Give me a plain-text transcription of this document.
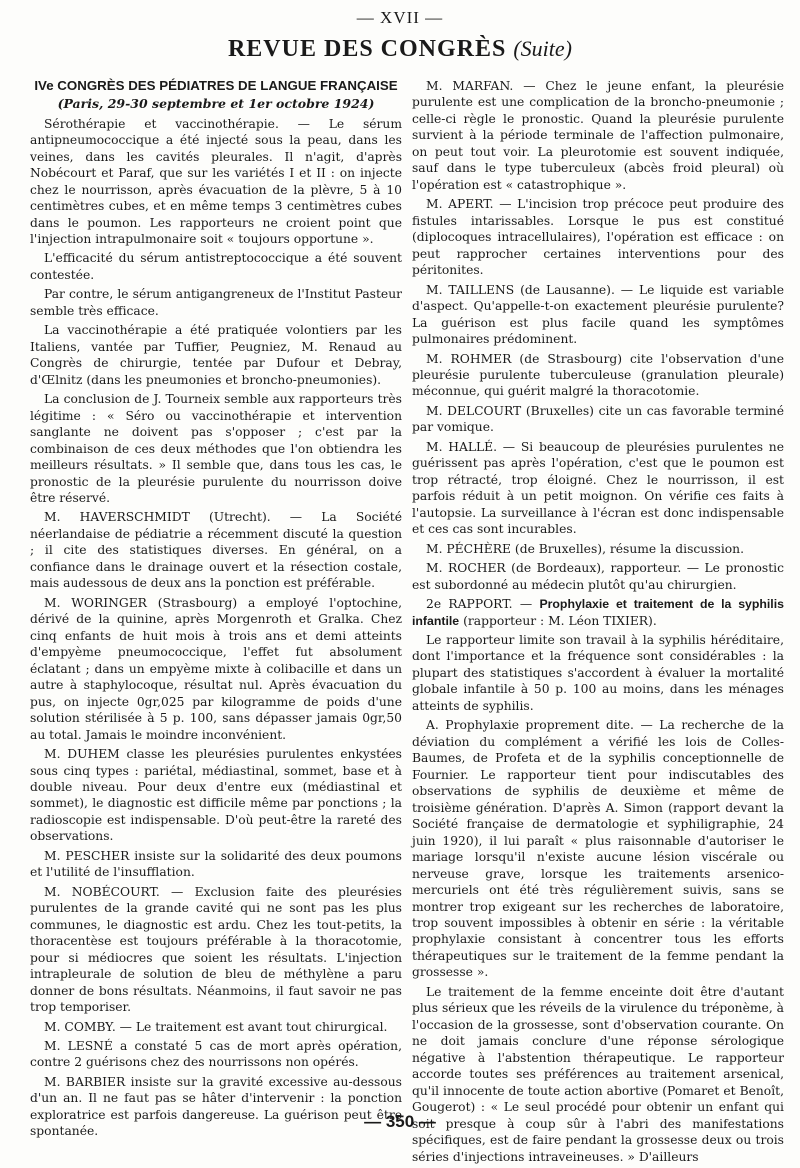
— XVII —
REVUE DES CONGRÈS (Suite)
IVe CONGRÈS DES PÉDIATRES DE LANGUE FRANÇAISE
(Paris, 29-30 septembre et 1er octobre 1924)

Sérothérapie et vaccinothérapie. — Le sérum antipneumococcique a été injecté sous la peau, dans les veines, dans les cavités pleurales. Il n'agit, d'après Nobécourt et Paraf, que sur les variétés I et II : on injecte chez le nourrisson, après évacuation de la plèvre, 5 à 10 centimètres cubes, et en même temps 3 centimètres cubes dans le poumon. Les rapporteurs ne croient point que l'injection intrapulmonaire soit « toujours opportune ».

L'efficacité du sérum antistreptococcique a été souvent contestée.

Par contre, le sérum antigangreneux de l'Institut Pasteur semble très efficace.

La vaccinothérapie a été pratiquée volontiers par les Italiens, vantée par Tuffier, Peugniez, M. Renaud au Congrès de chirurgie, tentée par Dufour et Debray, d'Œlnitz (dans les pneumonies et broncho-pneumonies).

La conclusion de J. Tourneix semble aux rapporteurs très légitime : « Séro ou vaccinothérapie et intervention sanglante ne doivent pas s'opposer ; c'est par la combinaison de ces deux méthodes que l'on obtiendra les meilleurs résultats. » Il semble que, dans tous les cas, le pronostic de la pleurésie purulente du nourrisson doive être réservé.

M. HAVERSCHMIDT (Utrecht). — La Société néerlandaise de pédiatrie a récemment discuté la question ; il cite des statistiques diverses. En général, on a confiance dans le drainage ouvert et la résection costale, mais audessous de deux ans la ponction est préférable.

M. WORINGER (Strasbourg) a employé l'optochine, dérivé de la quinine, après Morgenroth et Gralka. Chez cinq enfants de huit mois à trois ans et demi atteints d'empyème pneumococcique, l'effet fut absolument éclatant ; dans un empyème mixte à colibacille et dans un autre à staphylocoque, résultat nul. Après évacuation du pus, on injecte 0gr,025 par kilogramme de poids d'une solution stérilisée à 5 p. 100, sans dépasser jamais 0gr,50 au total. Jamais le moindre inconvénient.

M. DUHEM classe les pleurésies purulentes enkystées sous cinq types : pariétal, médiastinal, sommet, base et à double niveau. Pour deux d'entre eux (médiastinal et sommet), le diagnostic est difficile même par ponctions ; la radioscopie est indispensable. D'où peut-être la rareté des observations.

M. PESCHER insiste sur la solidarité des deux poumons et l'utilité de l'insufflation.

M. NOBÉCOURT. — Exclusion faite des pleurésies purulentes de la grande cavité qui ne sont pas les plus communes, le diagnostic est ardu. Chez les tout-petits, la thoracentèse est toujours préférable à la thoracotomie, pour si médiocres que soient les résultats. L'injection intrapleurale de solution de bleu de méthylène a paru donner de bons résultats. Néanmoins, il faut savoir ne pas trop temporiser.

M. COMBY. — Le traitement est avant tout chirurgical.

M. LESNÉ a constaté 5 cas de mort après opération, contre 2 guérisons chez des nourrissons non opérés.

M. BARBIER insiste sur la gravité excessive au-dessous d'un an. Il ne faut pas se hâter d'intervenir : la ponction exploratrice est parfois dangereuse. La guérison peut être spontanée.

M. MARFAN. — Chez le jeune enfant, la pleurésie purulente est une complication de la broncho-pneumonie ; celle-ci règle le pronostic. Quand la pleurésie purulente survient à la période terminale de l'affection pulmonaire, on peut tout voir. La pleurotomie est souvent indiquée, sauf dans le type tuberculeux (abcès froid pleural) où l'opération est « catastrophique ».

M. APERT. — L'incision trop précoce peut produire des fistules intarissables. Lorsque le pus est constitué (diplocoques intracellulaires), l'opération est efficace : on peut rapprocher certaines interventions pour des péritonites.

M. TAILLENS (de Lausanne). — Le liquide est variable d'aspect. Qu'appelle-t-on exactement pleurésie purulente? La guérison est plus facile quand les symptômes pulmonaires prédominent.

M. ROHMER (de Strasbourg) cite l'observation d'une pleurésie purulente tuberculeuse (granulation pleurale) méconnue, qui guérit malgré la thoracotomie.

M. DELCOURT (Bruxelles) cite un cas favorable terminé par vomique.

M. HALLÉ. — Si beaucoup de pleurésies purulentes ne guérissent pas après l'opération, c'est que le poumon est trop rétracté, trop éloigné. Chez le nourrisson, il est parfois réduit à un petit moignon. On vérifie ces faits à l'autopsie. La surveillance à l'écran est donc indispensable et ces cas sont incurables.

M. PÉCHÈRE (de Bruxelles), résume la discussion.

M. ROCHER (de Bordeaux), rapporteur. — Le pronostic est subordonné au médecin plutôt qu'au chirurgien.

2e RAPPORT. — Prophylaxie et traitement de la syphilis infantile (rapporteur : M. Léon TIXIER).

Le rapporteur limite son travail à la syphilis héréditaire, dont l'importance et la fréquence sont considérables : la plupart des statistiques s'accordent à évaluer la mortalité globale infantile à 50 p. 100 au moins, dans les ménages atteints de syphilis.

A. Prophylaxie proprement dite. — La recherche de la déviation du complément a vérifié les lois de Colles-Baumes, de Profeta et de la syphilis conceptionnelle de Fournier. Le rapporteur tient pour indiscutables des observations de syphilis de deuxième et même de troisième génération. D'après A. Simon (rapport devant la Société française de dermatologie et syphiligraphie, 24 juin 1920), il lui paraît « plus raisonnable d'autoriser le mariage lorsqu'il n'existe aucune lésion viscérale ou nerveuse grave, lorsque les traitements arsenico-mercuriels ont été très régulièrement suivis, sans se montrer trop exigeant sur les recherches de laboratoire, trop souvent impossibles à obtenir en série : la véritable prophylaxie consistant à concentrer tous les efforts thérapeutiques sur le traitement de la femme pendant la grossesse ».

Le traitement de la femme enceinte doit être d'autant plus sérieux que les réveils de la virulence du tréponème, à l'occasion de la grossesse, sont d'observation courante. On ne doit jamais conclure d'une réponse sérologique négative à l'abstention thérapeutique. Le rapporteur accorde toutes ses préférences au traitement arsenical, qu'il innocente de toute action abortive (Pomaret et Benoît, Gougerot) : « Le seul procédé pour obtenir un enfant qui soit presque à coup sûr à l'abri des manifestations spécifiques, est de faire pendant la grossesse deux ou trois séries d'injections intraveineuses. » D'ailleurs

— 350 —
